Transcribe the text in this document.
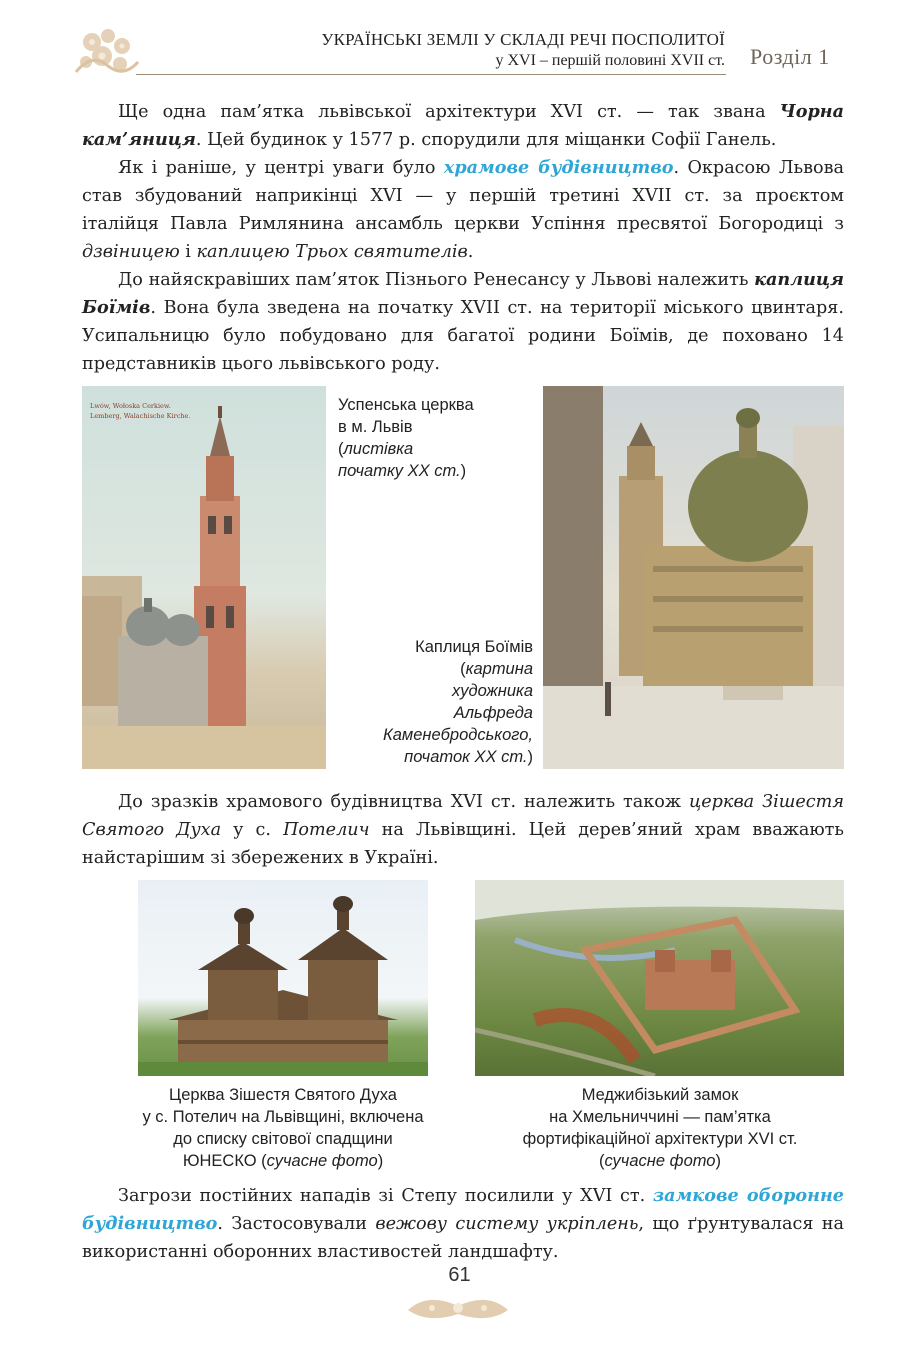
УКРАЇНСЬКІ ЗЕМЛІ У СКЛАДІ РЕЧІ ПОСПОЛИТОЇ
у XVI – першій половині XVII ст. Розділ 1

Ще одна пам’ятка львівської архітектури XVI ст. — так звана Чорна кам’яниця. Цей будинок у 1577 р. спорудили для міщанки Софії Ганель.

Як і раніше, у центрі уваги було храмове будівництво. Окрасою Львова став збудований наприкінці XVI — у першій третині XVII ст. за проєктом італійця Павла Римлянина ансамбль церкви Успіння пресвятої Богородиці з дзвіницею і каплицею Трьох святителів.

До найяскравіших пам’яток Пізнього Ренесансу у Львові належить каплиця Боїмів. Вона була зведена на початку XVII ст. на території міського цвинтаря. Усипальницю було побудовано для багатої родини Боїмів, де поховано 14 представників цього львівського роду.

Lwów, Wołoska Cerkiew.
Lemberg, Walachische Kirche.
Успенська церква
в м. Львів
(листівка
початку XX ст.)
Каплиця Боїмів
(картина
художника
Альфреда
Каменебродського,
початок XX ст.)

До зразків храмового будівництва XVI ст. належить також церква Зішестя Святого Духа у с. Потелич на Львівщині. Цей дерев’яний храм вважають найстарішим зі збережених в Україні.

Церква Зішестя Святого Духа
у с. Потелич на Львівщині, включена
до списку світової спадщини
ЮНЕСКО (сучасне фото)
Меджибізький замок
на Хмельниччині — пам’ятка
фортифікаційної архітектури XVI ст.
(сучасне фото)

Загрози постійних нападів зі Степу посилили у XVI ст. замкове оборонне будівництво. Застосовували вежову систему укріплень, що ґрунтувалася на використанні оборонних властивостей ландшафту.

61
